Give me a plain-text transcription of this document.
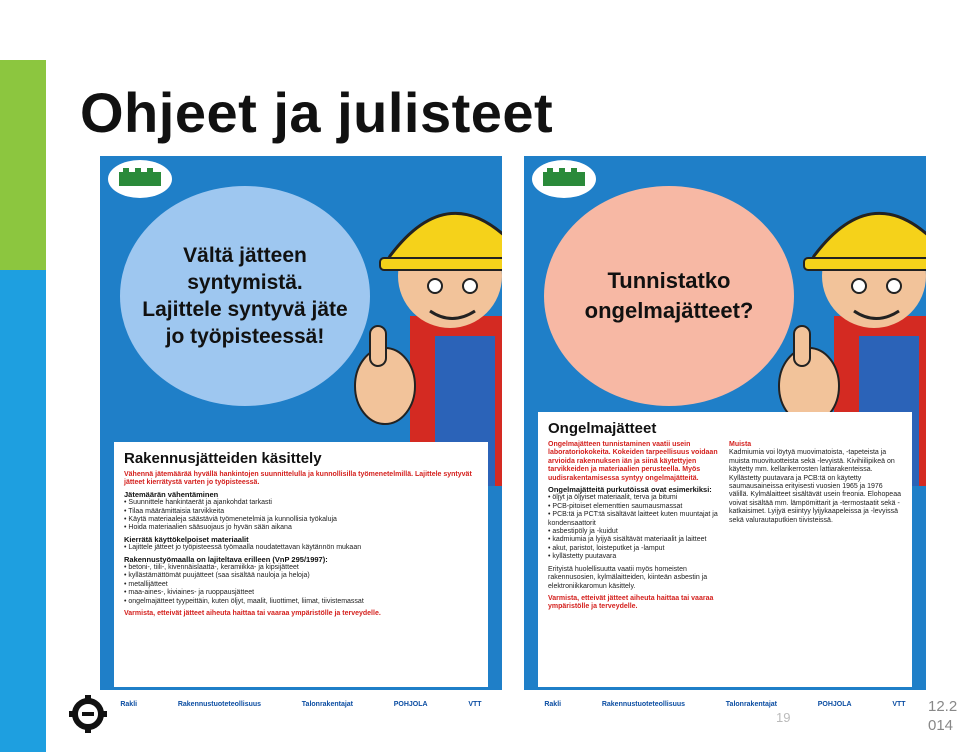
Ohjeet ja julisteet
Vältä jätteen
syntymistä.
Lajittele syntyvä jäte
jo työpisteessä!
Rakennusjätteiden käsittely
Vähennä jätemäärää hyvällä hankintojen suunnittelulla ja kunnollisilla työmenetelmillä. Lajittele syntyvät jätteet kierrätystä varten jo työpisteessä.
Jätemäärän vähentäminen
• Suunnittele hankintaerät ja ajankohdat tarkasti
• Tilaa määrämittaisia tarvikkeita
• Käytä materiaaleja säästäviä työmenetelmiä ja kunnollisia työkaluja
• Hoida materiaalien sääsuojaus jo hyvän sään aikana
Kierrätä käyttökelpoiset materiaalit
• Lajittele jätteet jo työpisteessä työmaalla noudatettavan käytännön mukaan
Rakennustyömaalla on lajiteltava erilleen (VnP 295/1997):
• betoni-, tiili-, kivennäislaatta-, keramiikka- ja kipsijätteet
• kyllästämättömät puujätteet (saa sisältää nauloja ja heloja)
• metallijätteet
• maa-aines-, kiviaines- ja ruoppausjätteet
• ongelmajätteet tyypeittäin, kuten öljyt, maalit, liuottimet, liimat, tiivistemassat
Varmista, etteivät jätteet aiheuta haittaa tai vaaraa ympäristölle ja terveydelle.
Rakli	Rakennustuoteteollisuus	Talonrakentajat	POHJOLA	VTT
Tunnistatko
ongelmajätteet?
Ongelmajätteet
Ongelmajätteen tunnistaminen vaatii usein laboratoriokokeita. Kokeiden tarpeellisuus voidaan arvioida rakennuksen iän ja siinä käytettyjen tarvikkeiden ja materiaalien perusteella. Myös uudisrakentamisessa syntyy ongelmajätteitä.
Ongelmajätteitä purkutöissä ovat esimerkiksi:
• öljyt ja öljyiset materiaalit, terva ja bitumi
• PCB-pitoiset elementtien saumausmassat
• PCB:tä ja PCT:tä sisältävät laitteet kuten muuntajat ja kondensaattorit
• asbestipöly ja -kuidut
• kadmiumia ja lyijyä sisältävät materiaalit ja laitteet
• akut, paristot, loisteputket ja -lamput
• kyllästetty puutavara
Erityistä huolellisuutta vaatii myös homeisten rakennusosien, kylmälaitteiden, kiinteän asbestin ja elektroniikkaromun käsittely.
Varmista, etteivät jätteet aiheuta haittaa tai vaaraa ympäristölle ja terveydelle.
Muista
Kadmiumia voi löytyä muovimatoista, -tapeteista ja muista muovituotteista sekä -levyistä. Kivihiilipikeä on käytetty mm. kellarikerrosten lattiarakenteissa. Kyllästetty puutavara ja PCB:tä on käytetty saumausaineissa erityisesti vuosien 1965 ja 1976 välillä. Kylmälaitteet sisältävät usein freonia. Elohopeaa voivat sisältää mm. lämpömittarit ja -termostaatit sekä -katkaisimet. Lyijyä esiintyy lyijykaapeleissa ja -levyissä sekä valurautaputkien tiivisteissä.
Rakli	Rakennustuoteteollisuus	Talonrakentajat	POHJOLA	VTT
19
12.2
014
